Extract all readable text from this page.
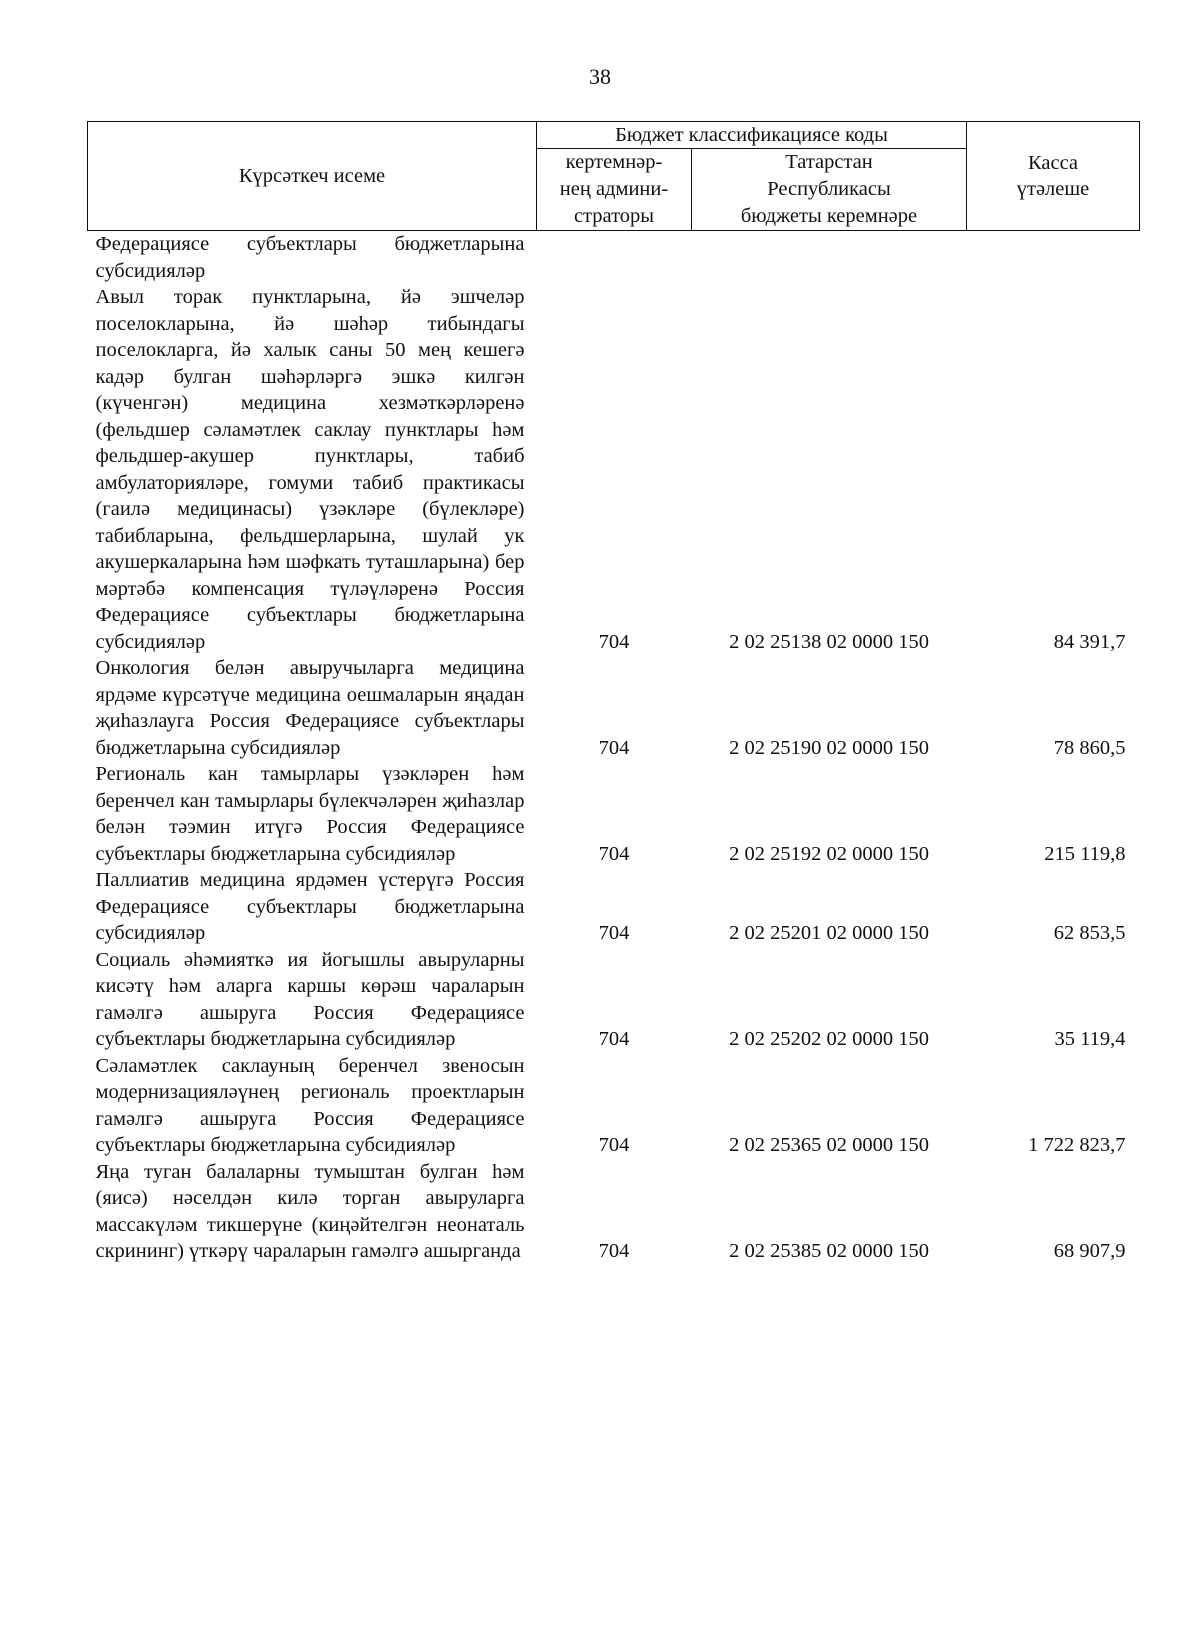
38
Күрсәткеч исеме	Бюджет классификациясе коды		Касса
үтәлеше

	кертемнәр-
нең админи-
страторы	Татарстан
Республикасы
бюджеты керемнәре	

Федерациясе субъектлары бюджетларына субсидияләр			

Авыл торак пунктларына, йә эшчеләр поселокларына, йә шәһәр тибындагы поселокларга, йә халык саны 50 мең кешегә кадәр булган шәһәрләргә эшкә килгән (күченгән) медицина хезмәткәрләренә (фельдшер сәламәтлек саклау пунктлары һәм фельдшер-акушер пунктлары, табиб амбулаторияләре, гомуми табиб практикасы (гаилә медицинасы) үзәкләре (бүлекләре) табибларына, фельдшерларына, шулай ук акушеркаларына һәм шәфкать туташларына) бер мәртәбә компенсация түләүләренә Россия Федерациясе субъектлары бюджетларына субсидияләр	704	2 02 25138 02 0000 150	84 391,7

Онкология белән авыручыларга медицина ярдәме күрсәтүче медицина оешмаларын яңадан җиһазлауга Россия Федерациясе субъектлары бюджетларына субсидияләр	704	2 02 25190 02 0000 150	78 860,5

Региональ кан тамырлары үзәкләрен һәм беренчел кан тамырлары бүлекчәләрен җиһазлар белән тәэмин итүгә Россия Федерациясе субъектлары бюджетларына субсидияләр	704	2 02 25192 02 0000 150	215 119,8

Паллиатив медицина ярдәмен үстерүгә Россия Федерациясе субъектлары бюджетларына субсидияләр	704	2 02 25201 02 0000 150	62 853,5

Социаль әһәмияткә ия йогышлы авыруларны кисәтү һәм аларга каршы көрәш чараларын гамәлгә ашыруга Россия Федерациясе субъектлары бюджетларына субсидияләр	704	2 02 25202 02 0000 150	35 119,4

Сәламәтлек саклауның беренчел звеносын модернизацияләүнең региональ проектларын гамәлгә ашыруга Россия Федерациясе субъектлары бюджетларына субсидияләр	704	2 02 25365 02 0000 150	1 722 823,7

Яңа туган балаларны тумыштан булган һәм (яисә) нәселдән килә торган авыруларга массакүләм тикшерүне (киңәйтелгән неонаталь скрининг) үткәрү чараларын гамәлгә ашырганда	704	2 02 25385 02 0000 150	68 907,9
